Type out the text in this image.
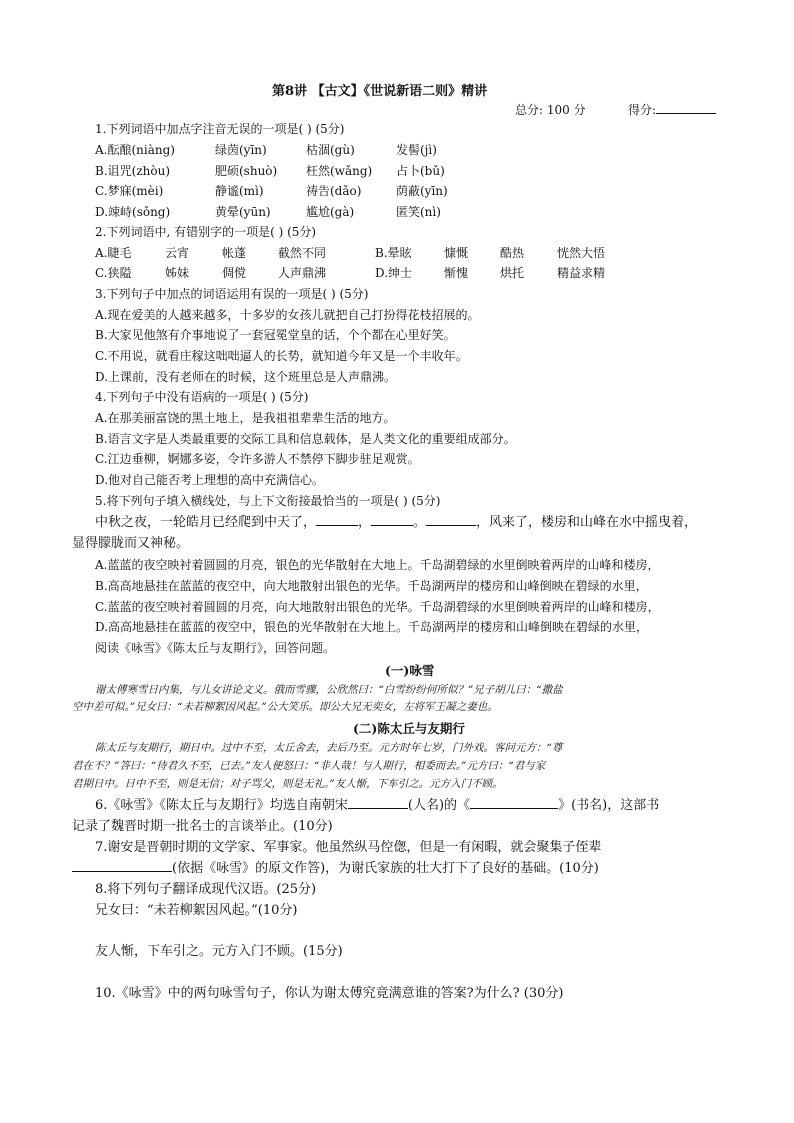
第8讲 【古文】《世说新语二则》精讲
总分: 100 分	得分:
1.下列词语中加点字注音无误的一项是( ) (5分)
A.酝酿(niàng)	绿茵(yīn)	枯涸(gù)	发髻(jì)
B.诅咒(zhòu)	肥硕(shuò) 枉然(wǎng) 占卜(bǔ)
C.梦寐(mèi)	静谧(mì)	祷告(dǎo)	荫蔽(yīn)
D.竦峙(sǒng)	黄晕(yūn)	尴尬(gà)	匿笑(nì)
2.下列词语中, 有错别字的一项是( ) (5分)
A.睫毛	云宵	帐蓬	截然不同	B.晕眩	慷慨	酷热	恍然大悟
C.狭隘	姊妹	倜傥	人声鼎沸	D.绅士	惭愧	烘托	精益求精
3.下列句子中加点的词语运用有误的一项是( ) (5分)
A.现在爱美的人越来越多，十多岁的女孩儿就把自己打扮得花枝招展的。
B.大家见他煞有介事地说了一套冠冕堂皇的话，个个都在心里好笑。
C.不用说，就看庄稼这咄咄逼人的长势，就知道今年又是一个丰收年。
D.上课前，没有老师在的时候，这个班里总是人声鼎沸。
4.下列句子中没有语病的一项是( ) (5分)
A.在那美丽富饶的黑土地上，是我祖祖辈辈生活的地方。
B.语言文字是人类最重要的交际工具和信息载体，是人类文化的重要组成部分。
C.江边垂柳，婀娜多姿，令许多游人不禁停下脚步驻足观赏。
D.他对自己能否考上理想的高中充满信心。
5.将下列句子填入横线处，与上下文衔接最恰当的一项是( ) (5分)
中秋之夜，一轮皓月已经爬到中天了，	，	。	，风来了，楼房和山峰在水中摇曳着，
显得朦胧而又神秘。
A.蓝蓝的夜空映衬着圆圆的月亮，银色的光华散射在大地上。千岛湖碧绿的水里倒映着两岸的山峰和楼房，
B.高高地悬挂在蓝蓝的夜空中，向大地散射出银色的光华。千岛湖两岸的楼房和山峰倒映在碧绿的水里，
C.蓝蓝的夜空映衬着圆圆的月亮，向大地散射出银色的光华。千岛湖碧绿的水里倒映着两岸的山峰和楼房，
D.高高地悬挂在蓝蓝的夜空中，银色的光华散射在大地上。千岛湖两岸的楼房和山峰倒映在碧绿的水里，
阅读《咏雪》《陈太丘与友期行》，回答问题。
(一)咏雪
谢太傅寒雪日内集，与儿女讲论文义。俄而雪骤，公欣然曰：“白雪纷纷何所似？”兄子胡儿曰：“撒盐
空中差可拟。”兄女曰：“未若柳絮因风起。”公大笑乐。即公大兄无奕女，左将军王凝之妻也。
(二)陈太丘与友期行
陈太丘与友期行，期日中。过中不至，太丘舍去，去后乃至。元方时年七岁，门外戏。客问元方：“尊
君在不？”答曰：“待君久不至，已去。”友人便怒曰：“非人哉！与人期行，相委而去。”元方曰：“君与家
君期日中。日中不至，则是无信；对子骂父，则是无礼。”友人惭，下车引之。元方入门不顾。
6.《咏雪》《陈太丘与友期行》均选自南朝宋	(人名)的《	》(书名)，这部书
记录了魏晋时期一批名士的言谈举止。(10分)
7.谢安是晋朝时期的文学家、军事家。他虽然纵马倥偬，但是一有闲暇，就会聚集子侄辈
(依据《咏雪》的原文作答)，为谢氏家族的壮大打下了良好的基础。(10分)
8.将下列句子翻译成现代汉语。(25分)
兄女曰：“未若柳絮因风起。”(10分)
友人惭，下车引之。元方入门不顾。(15分)
10.《咏雪》中的两句咏雪句子，你认为谢太傅究竟满意谁的答案?为什么? (30分)
